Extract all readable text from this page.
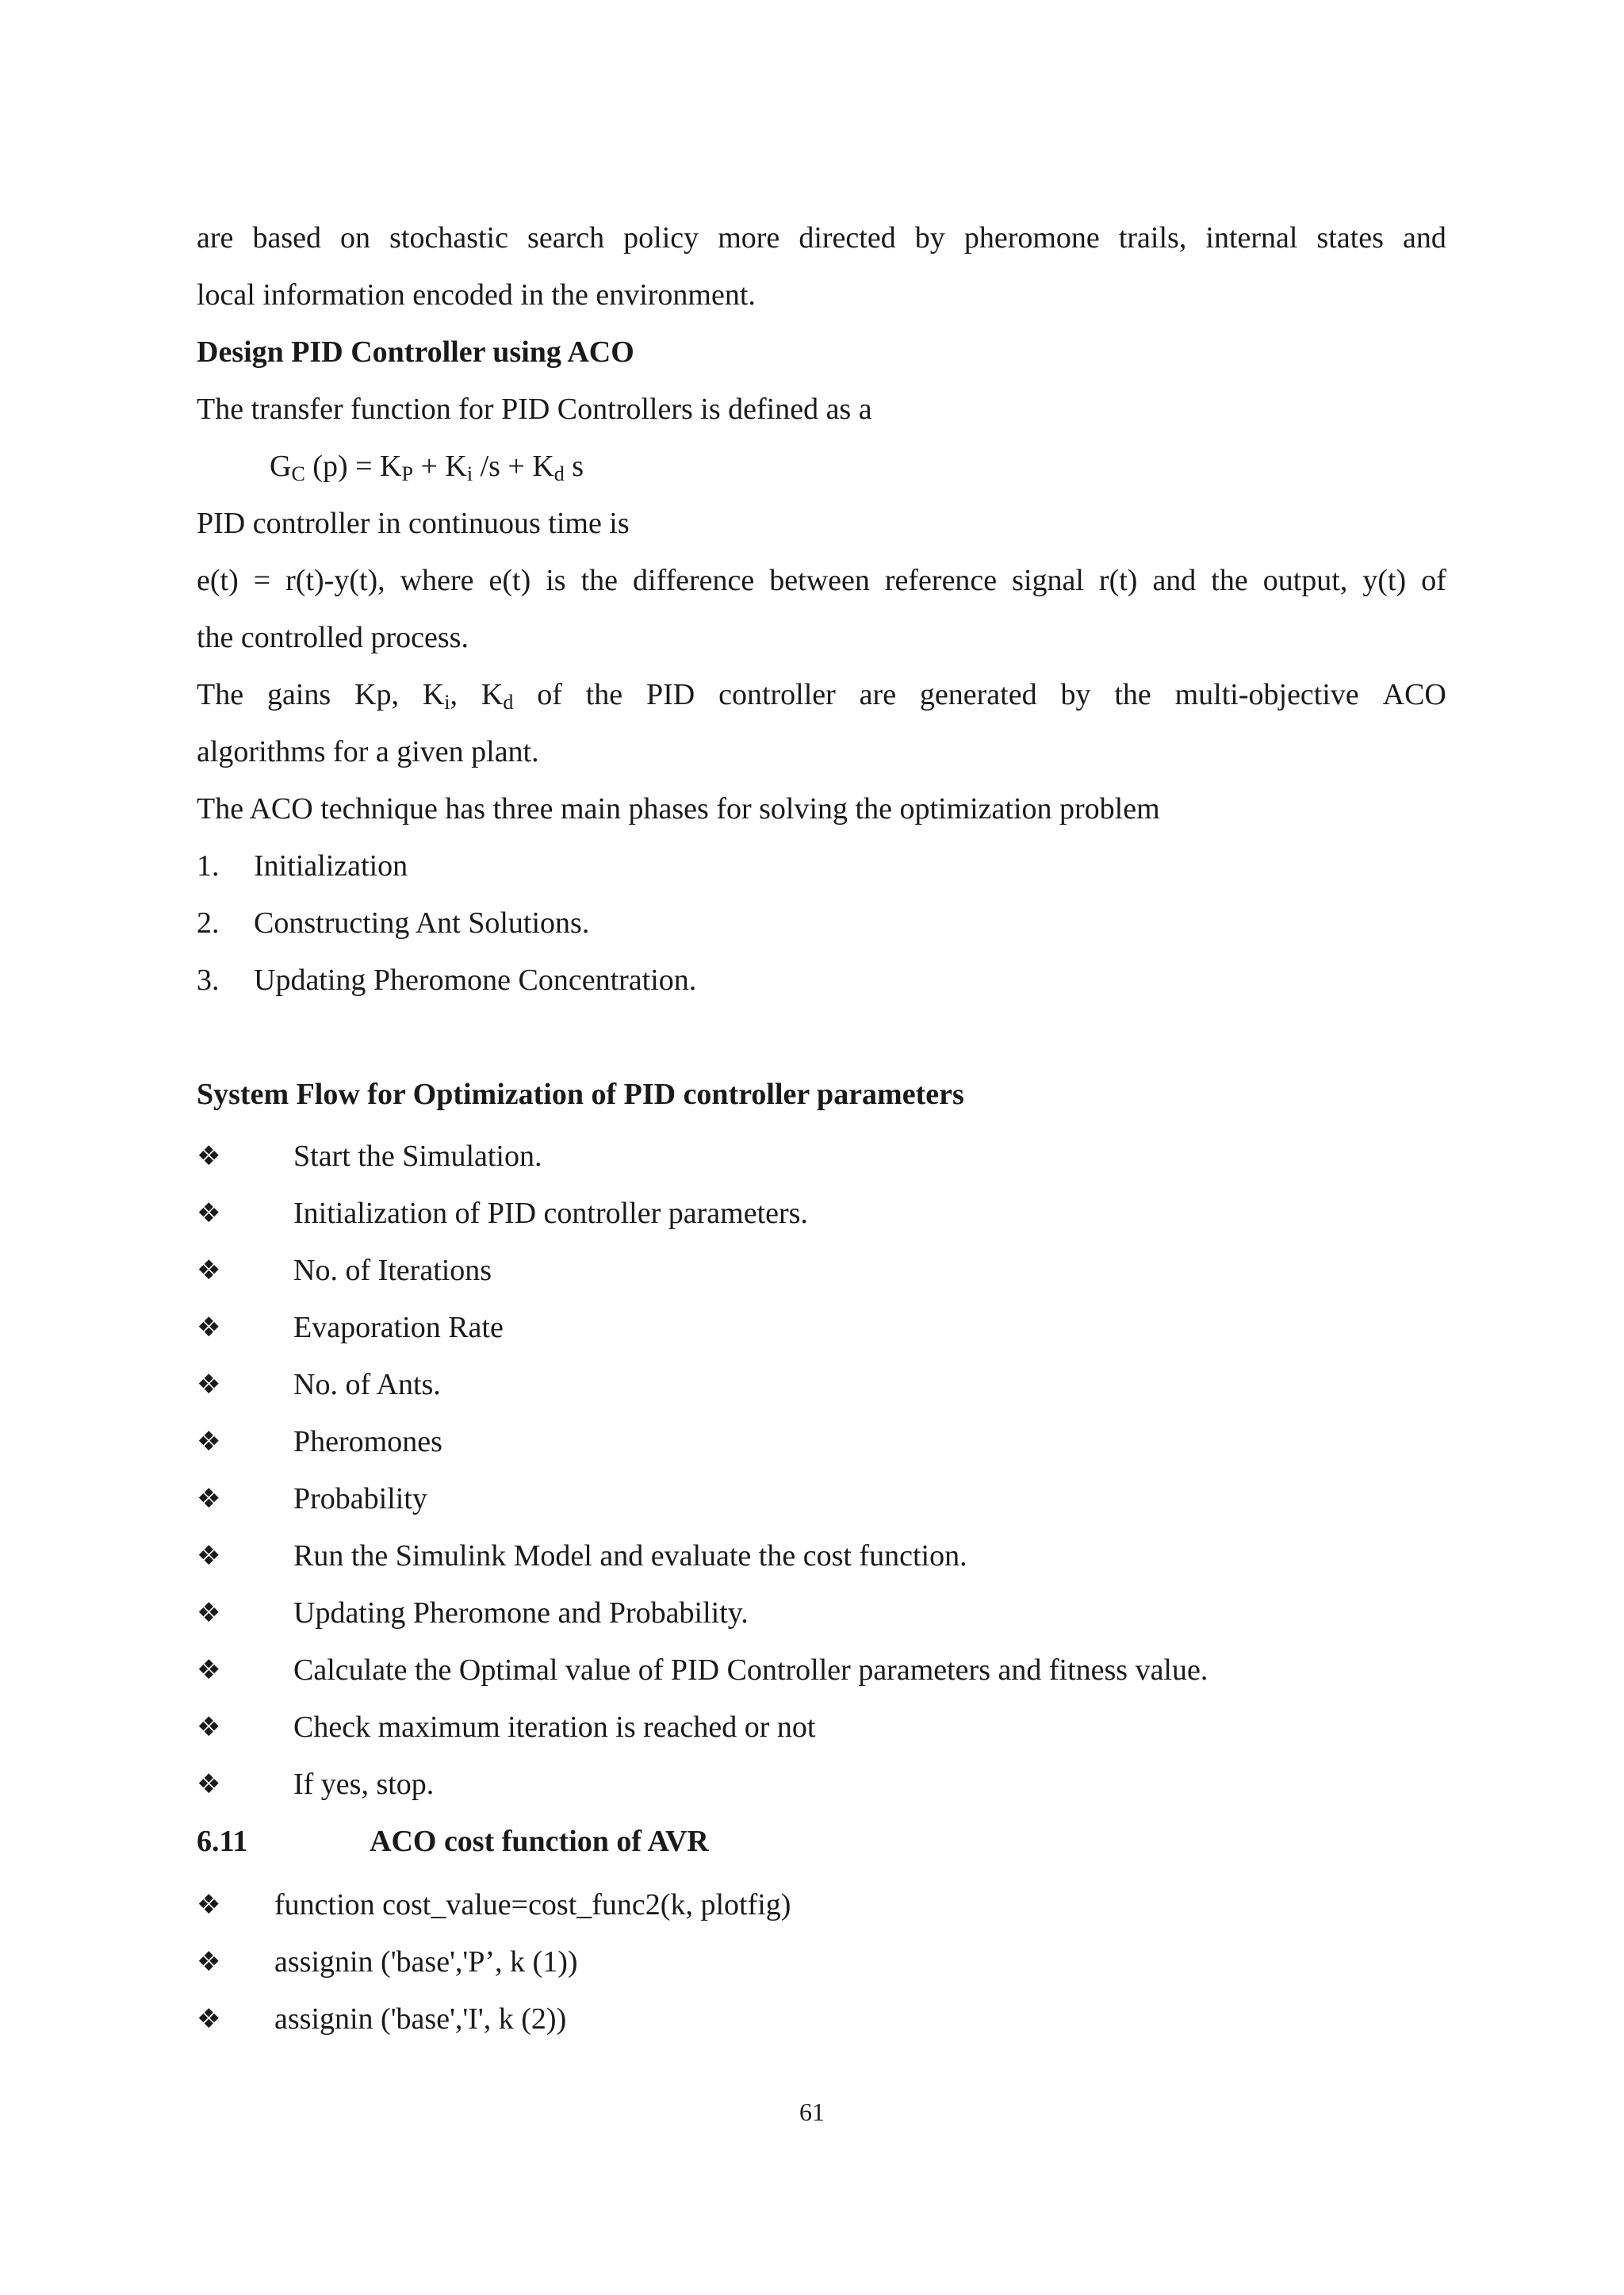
are based on stochastic search policy more directed by pheromone trails, internal states and
local information encoded in the environment.
Design PID Controller using ACO
The transfer function for PID Controllers is defined as a
$G_C$ $(p) = K_P + K_i$ $/s + K_d$ s
PID controller in continuous time is
e(t) = r(t)-y(t), where e(t) is the difference between reference signal r(t) and the output, y(t) of
the controlled process.
The gains Kp, $K_i$, $K_d$ of the PID controller are generated by the multi-objective ACO
algorithms for a given plant.
The ACO technique has three main phases for solving the optimization problem
1.	Initialization
2.	Constructing Ant Solutions.
3.	Updating Pheromone Concentration.
System Flow for Optimization of PID controller parameters
❖	Start the Simulation.
❖	Initialization of PID controller parameters.
❖	No. of Iterations
❖	Evaporation Rate
❖	No. of Ants.
❖	Pheromones
❖	Probability
❖	Run the Simulink Model and evaluate the cost function.
❖	Updating Pheromone and Probability.
❖	Calculate the Optimal value of PID Controller parameters and fitness value.
❖	Check maximum iteration is reached or not
❖	If yes, stop.
6.11	ACO cost function of AVR
❖	function cost_value=cost_func2(k, plotfig)
❖	assignin ('base','P’, k (1))
❖	assignin ('base','I', k (2))
61
